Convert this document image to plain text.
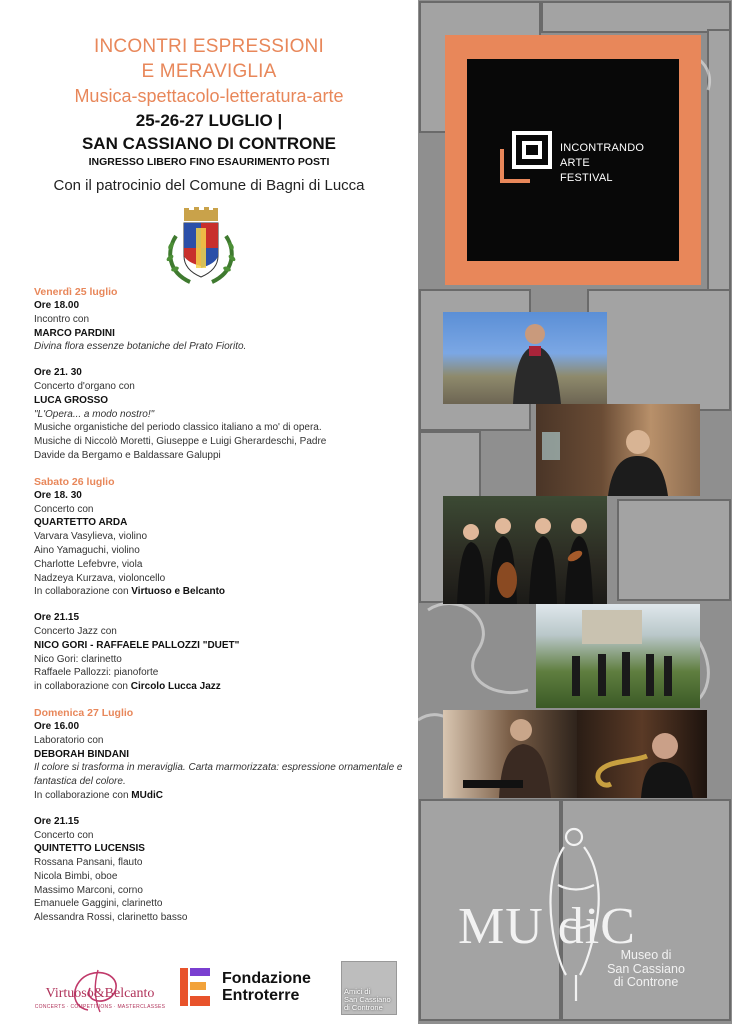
INCONTRI ESPRESSIONI
E MERAVIGLIA
Musica-spettacolo-letteratura-arte
25-26-27 LUGLIO |
SAN CASSIANO DI CONTRONE
INGRESSO LIBERO FINO ESAURIMENTO POSTI
Con il patrocinio del Comune di Bagni di Lucca
Venerdì 25 luglio
Ore 18.00
Incontro con
MARCO PARDINI
Divina flora essenze botaniche del Prato Fiorito.
Ore 21. 30
Concerto d'organo con
LUCA GROSSO
"L'Opera... a modo nostro!"
Musiche organistiche del periodo classico italiano a mo' di opera.
Musiche di Niccolò Moretti, Giuseppe e Luigi Gherardeschi, Padre
Davide da Bergamo e Baldassare Galuppi
Sabato 26 luglio
Ore 18. 30
Concerto con
QUARTETTO ARDA
Varvara Vasylieva, violino
Aino Yamaguchi, violino
Charlotte Lefebvre, viola
Nadzeya Kurzava, violoncello
In collaborazione con Virtuoso e Belcanto
Ore 21.15
Concerto Jazz con
NICO GORI - RAFFAELE PALLOZZI "DUET"
Nico Gori: clarinetto
Raffaele Pallozzi: pianoforte
in collaborazione con Circolo Lucca Jazz
Domenica 27 Luglio
Ore 16.00
Laboratorio con
DEBORAH BINDANI
Il colore si trasforma in meraviglia. Carta marmorizzata: espressione ornamentale e fantastica del colore.
In collaborazione con MUdiC
Ore 21.15
Concerto con
QUINTETTO LUCENSIS
Rossana Pansani, flauto
Nicola Bimbi, oboe
Massimo Marconi, corno
Emanuele Gaggini, clarinetto
Alessandra Rossi, clarinetto basso
Virtuoso&Belcanto
CONCERTS · COMPETITIONS · MASTERCLASSES
Fondazione
Entroterre	Amici di
San Cassiano
di Controne
INCONTRANDO
ARTE
FESTIVAL
MU diC
Museo di
San Cassiano
di Controne
